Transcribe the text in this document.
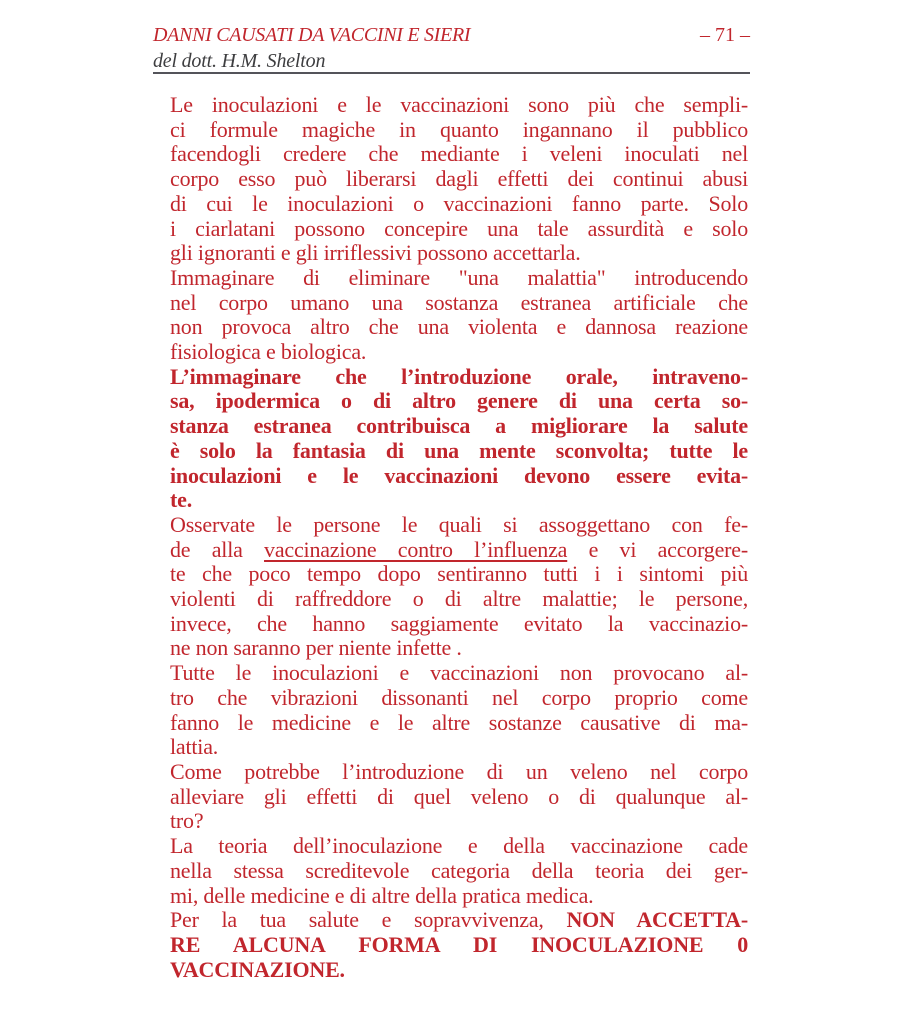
DANNI CAUSATI DA VACCINI E SIERI	– 71 –
del dott. H.M. Shelton
Le inoculazioni e le vaccinazioni sono più che sempli-
ci formule magiche in quanto ingannano il pubblico
facendogli credere che mediante i veleni inoculati nel
corpo esso può liberarsi dagli effetti dei continui abusi
di cui le inoculazioni o vaccinazioni fanno parte. Solo
i ciarlatani possono concepire una tale assurdità e solo
gli ignoranti e gli irriflessivi possono accettarla.
Immaginare di eliminare "una malattia" introducendo
nel corpo umano una sostanza estranea artificiale che
non provoca altro che una violenta e dannosa reazione
fisiologica e biologica.
L’immaginare che l’introduzione orale, intraveno-
sa, ipodermica o di altro genere di una certa so-
stanza estranea contribuisca a migliorare la salute
è solo la fantasia di una mente sconvolta; tutte le
inoculazioni e le vaccinazioni devono essere evita-
te.
Osservate le persone le quali si assoggettano con fe-
de alla vaccinazione contro l’influenza e vi accorgere-
te che poco tempo dopo sentiranno tutti i i sintomi più
violenti di raffreddore o di altre malattie; le persone,
invece, che hanno saggiamente evitato la vaccinazio-
ne non saranno per niente infette .
Tutte le inoculazioni e vaccinazioni non provocano al-
tro che vibrazioni dissonanti nel corpo proprio come
fanno le medicine e le altre sostanze causative di ma-
lattia.
Come potrebbe l’introduzione di un veleno nel corpo
alleviare gli effetti di quel veleno o di qualunque al-
tro?
La teoria dell’inoculazione e della vaccinazione cade
nella stessa screditevole categoria della teoria dei ger-
mi, delle medicine e di altre della pratica medica.
Per la tua salute e sopravvivenza, NON ACCETTA-
RE ALCUNA FORMA DI INOCULAZIONE 0
VACCINAZIONE.
